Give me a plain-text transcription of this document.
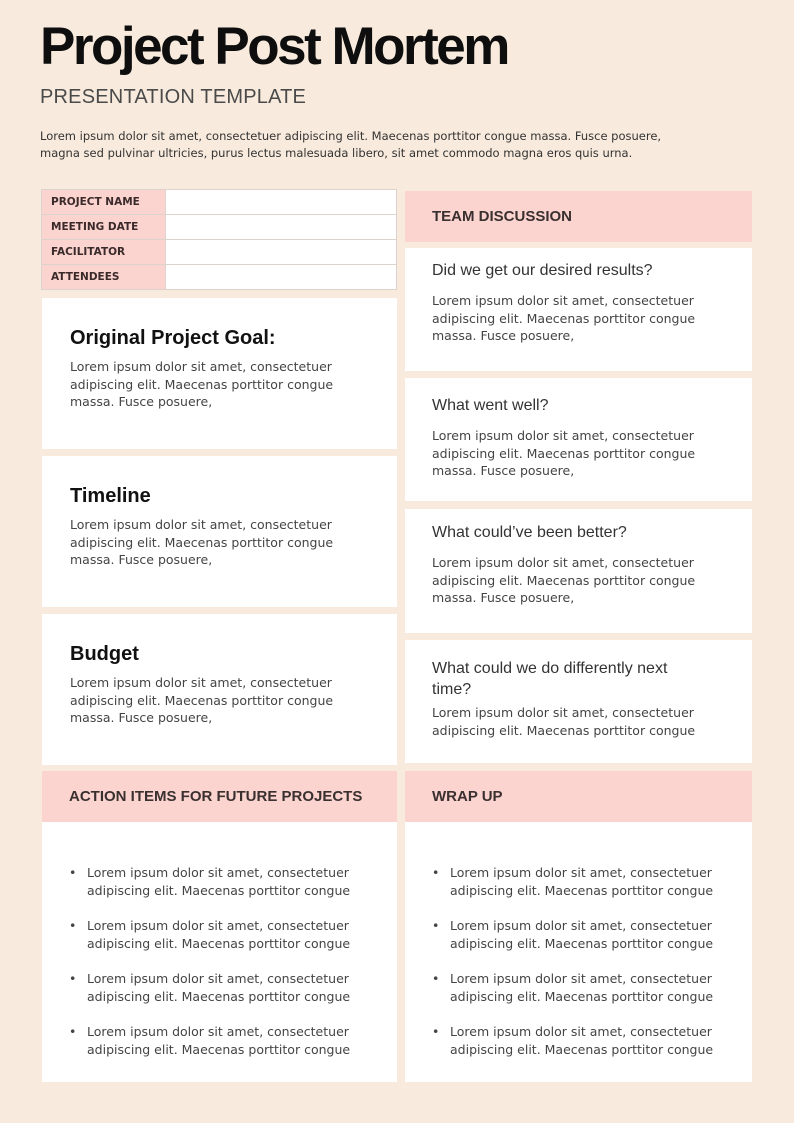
Project Post Mortem
PRESENTATION TEMPLATE
Lorem ipsum dolor sit amet, consectetuer adipiscing elit. Maecenas porttitor congue massa. Fusce posuere, magna sed pulvinar ultricies, purus lectus malesuada libero, sit amet commodo magna eros quis urna.
PROJECT NAME	
MEETING DATE	
FACILITATOR	
ATTENDEES	
Original Project Goal:

Lorem ipsum dolor sit amet, consectetuer adipiscing elit. Maecenas porttitor congue massa. Fusce posuere,

Timeline

Lorem ipsum dolor sit amet, consectetuer adipiscing elit. Maecenas porttitor congue massa. Fusce posuere,

Budget

Lorem ipsum dolor sit amet, consectetuer adipiscing elit. Maecenas porttitor congue massa. Fusce posuere,

TEAM DISCUSSION
Did we get our desired results?

Lorem ipsum dolor sit amet, consectetuer adipiscing elit. Maecenas porttitor congue massa. Fusce posuere,

What went well?

Lorem ipsum dolor sit amet, consectetuer adipiscing elit. Maecenas porttitor congue massa. Fusce posuere,

What could’ve been better?

Lorem ipsum dolor sit amet, consectetuer adipiscing elit. Maecenas porttitor congue massa. Fusce posuere,

What could we do differently next time?

Lorem ipsum dolor sit amet, consectetuer adipiscing elit. Maecenas porttitor congue

ACTION ITEMS FOR FUTURE PROJECTS	WRAP UP
• Lorem ipsum dolor sit amet, consectetuer adipiscing elit. Maecenas porttitor congue
• Lorem ipsum dolor sit amet, consectetuer adipiscing elit. Maecenas porttitor congue
• Lorem ipsum dolor sit amet, consectetuer adipiscing elit. Maecenas porttitor congue
• Lorem ipsum dolor sit amet, consectetuer adipiscing elit. Maecenas porttitor congue
• Lorem ipsum dolor sit amet, consectetuer adipiscing elit. Maecenas porttitor congue
• Lorem ipsum dolor sit amet, consectetuer adipiscing elit. Maecenas porttitor congue
• Lorem ipsum dolor sit amet, consectetuer adipiscing elit. Maecenas porttitor congue
• Lorem ipsum dolor sit amet, consectetuer adipiscing elit. Maecenas porttitor congue
